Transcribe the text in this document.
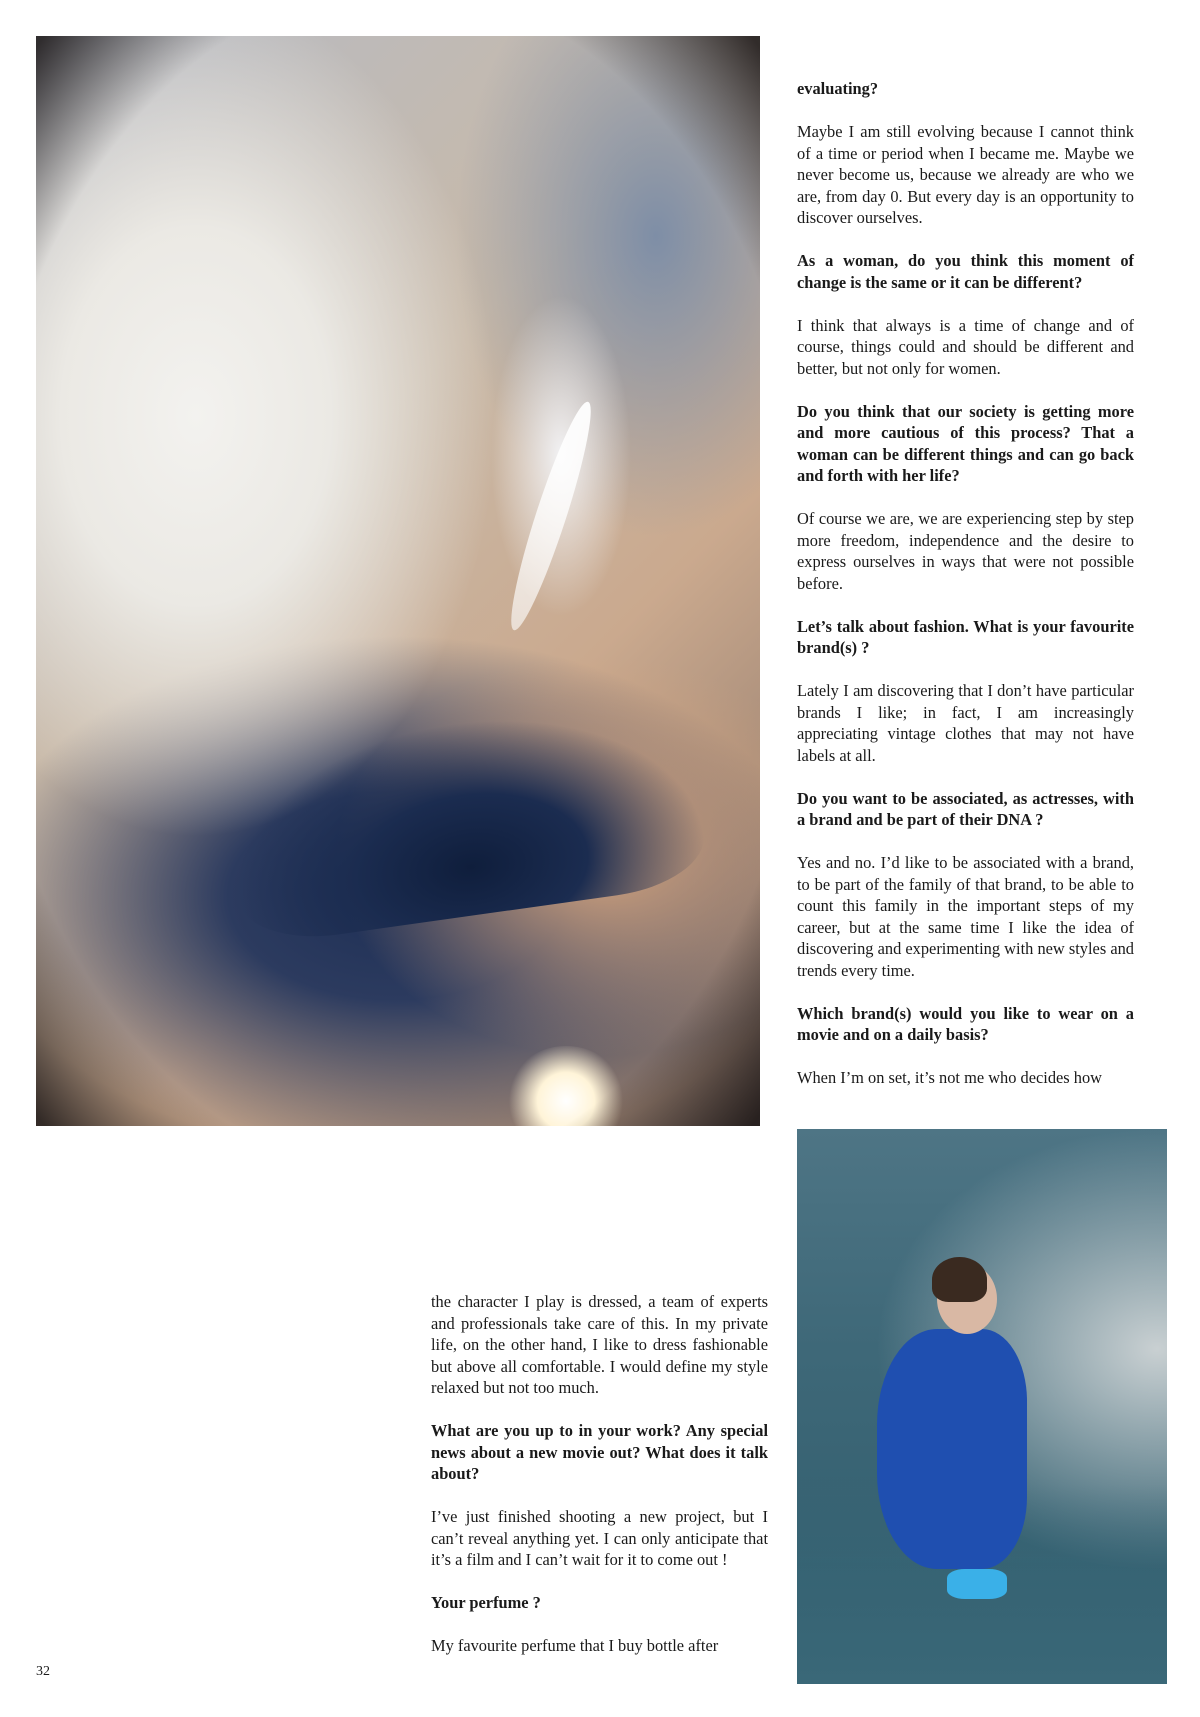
evaluating?

Maybe I am still evolving because I cannot think of a time or period when I became me. Maybe we never become us, because we already are who we are, from day 0. But every day is an opportunity to discover ourselves.

As a woman, do you think this moment of change is the same or it can be different?

I think that always is a time of change and of course, things could and should be different and better, but not only for women.

Do you think that our society is getting more and more cautious of this process? That a woman can be different things and can go back and forth with her life?

Of course we are, we are experiencing step by step more freedom, independence and the desire to express ourselves in ways that were not possible before.

Let’s talk about fashion. What is your favourite brand(s) ?

Lately I am discovering that I don’t have particular brands I like; in fact, I am increasingly appreciating vintage clothes that may not have labels at all.

Do you want to be associated, as actresses, with a brand and be part of their DNA ?

Yes and no. I’d like to be associated with a brand, to be part of the family of that brand, to be able to count this family in the important steps of my career, but at the same time I like the idea of discovering and experimenting with new styles and trends every time.

Which brand(s) would you like to wear on a movie and on a daily basis?

When I’m on set, it’s not me who decides how

the character I play is dressed, a team of experts and professionals take care of this. In my private life, on the other hand, I like to dress fashionable but above all comfortable. I would define my style relaxed but not too much.

What are you up to in your work? Any special news about a new movie out? What does it talk about?

I’ve just finished shooting a new project, but I can’t reveal anything yet. I can only anticipate that it’s a film and I can’t wait for it to come out !

Your perfume ?

My favourite perfume that I buy bottle after

32
